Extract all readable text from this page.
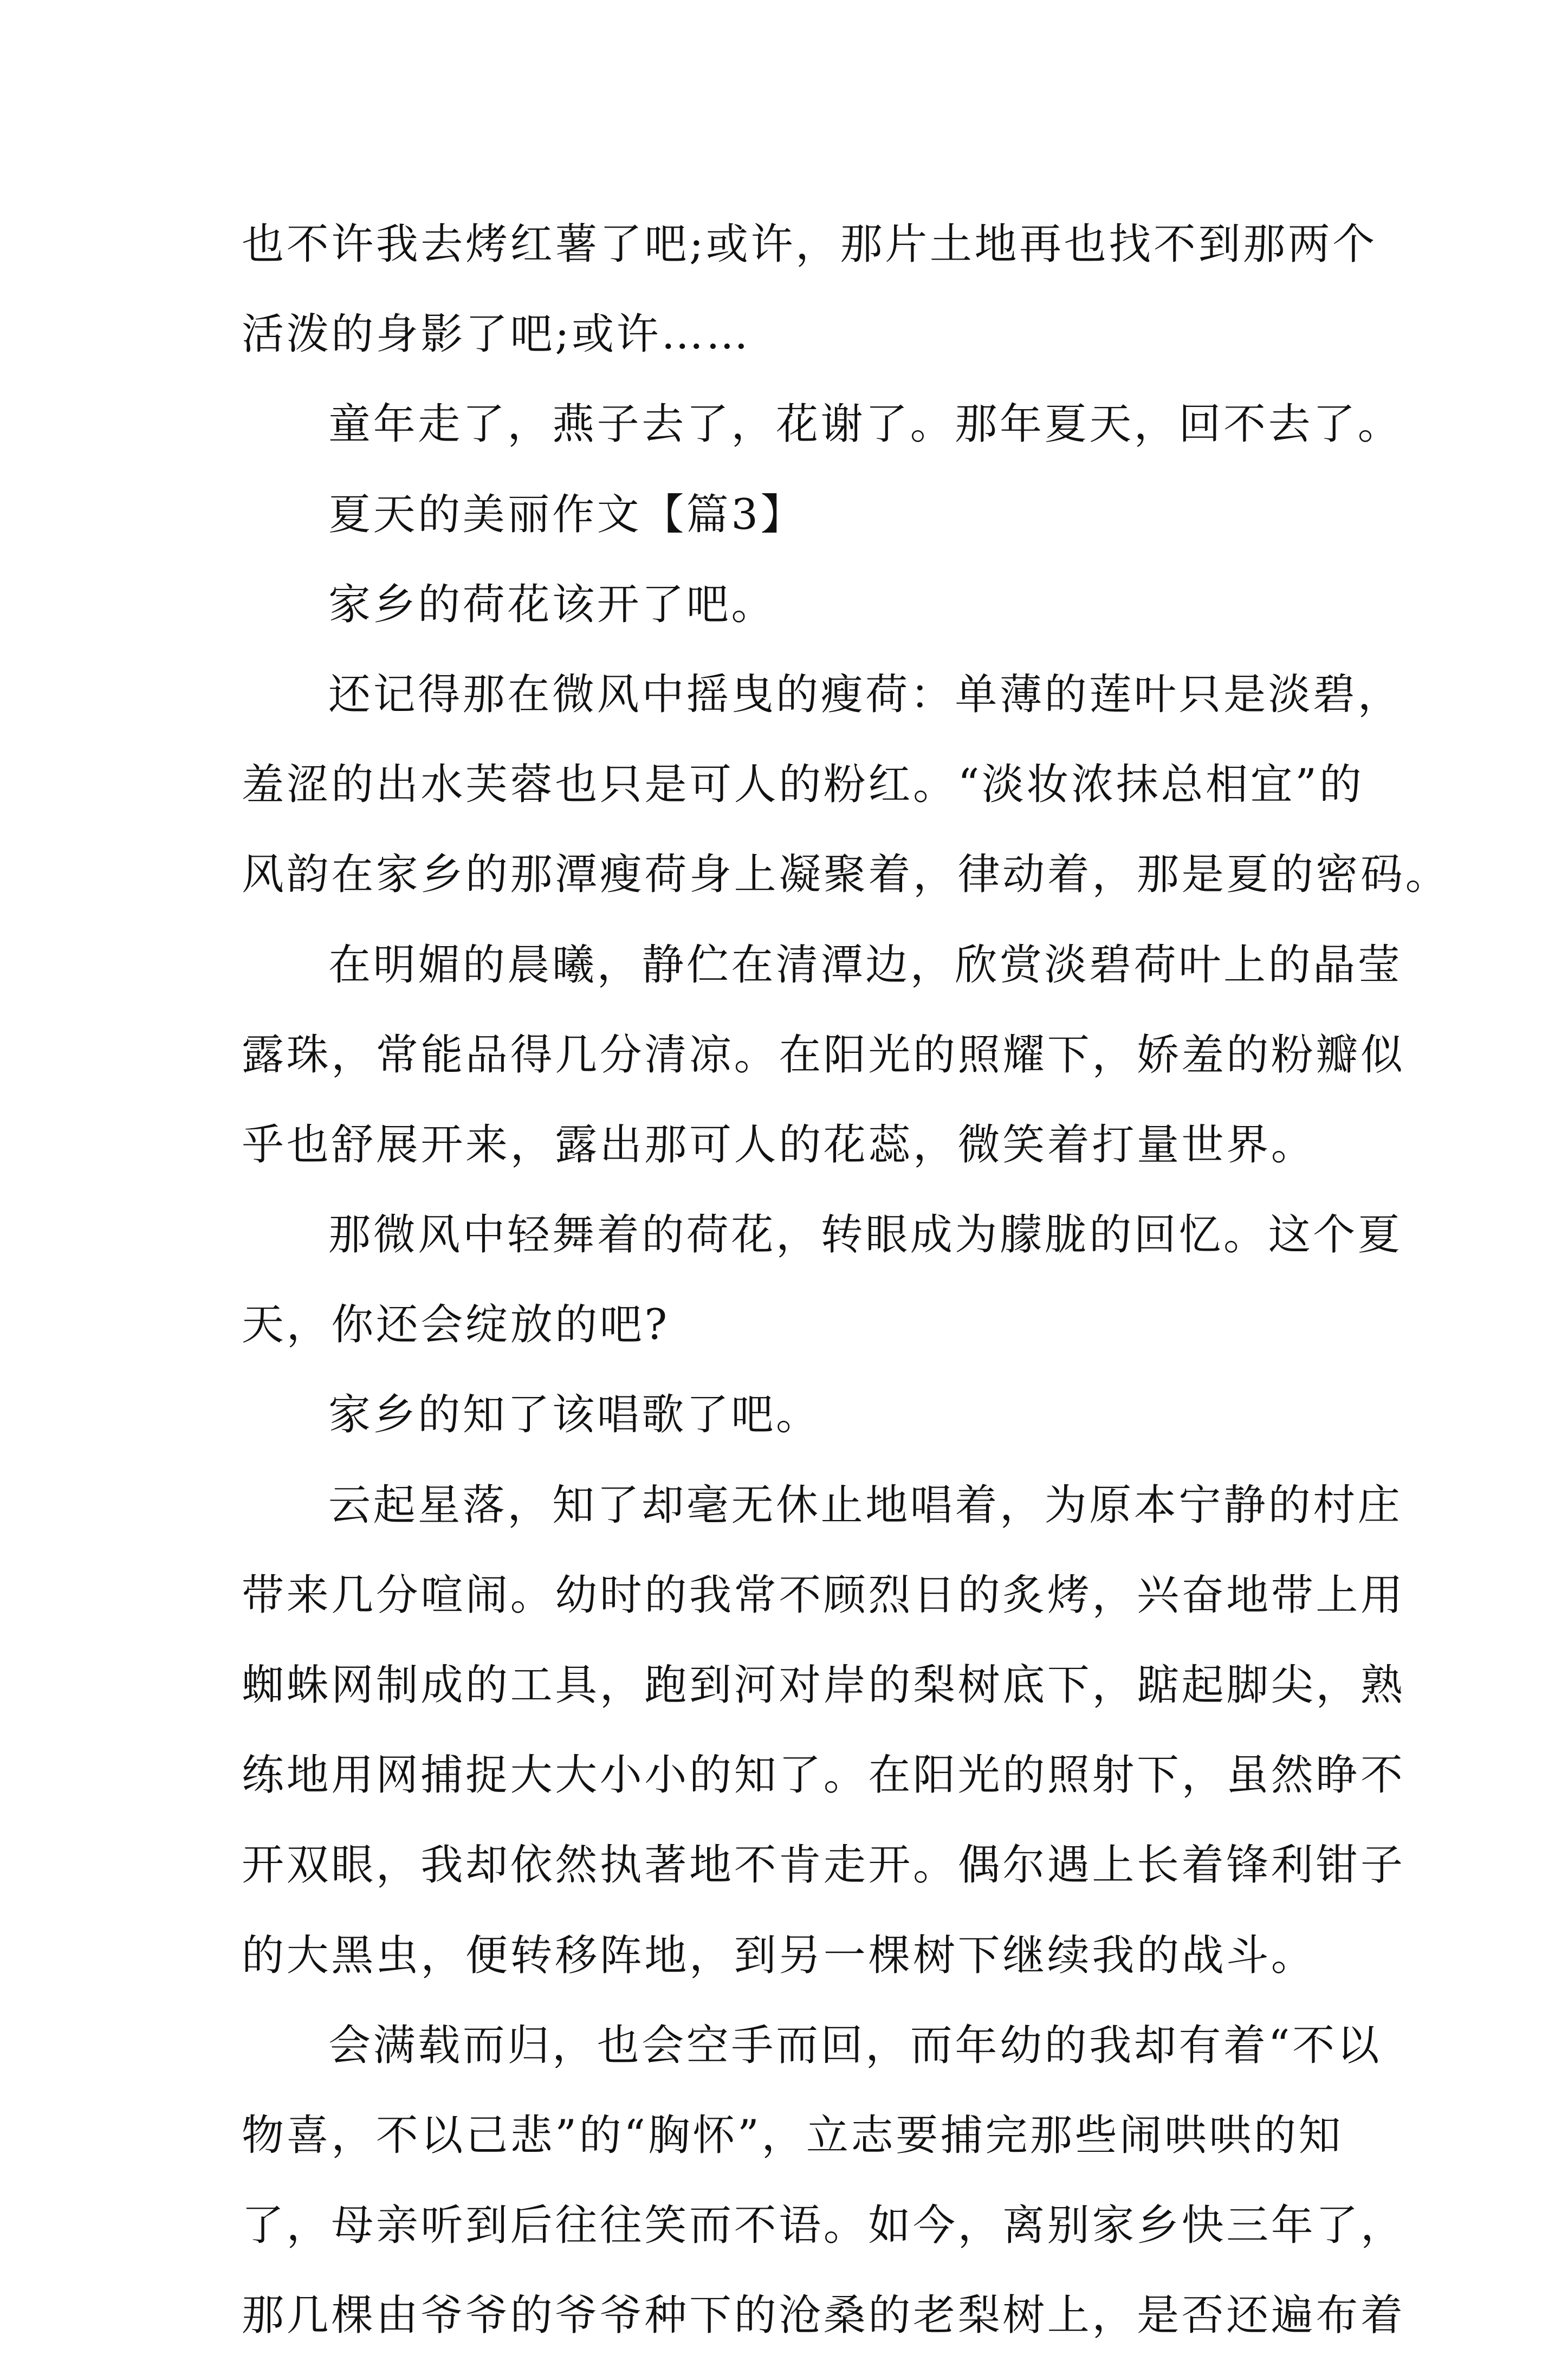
也不许我去烤红薯了吧;或许，那片土地再也找不到那两个
活泼的身影了吧;或许……
童年走了，燕子去了，花谢了。那年夏天，回不去了。
夏天的美丽作文【篇3】
家乡的荷花该开了吧。
还记得那在微风中摇曳的瘦荷：单薄的莲叶只是淡碧，
羞涩的出水芙蓉也只是可人的粉红。“淡妆浓抹总相宜”的
风韵在家乡的那潭瘦荷身上凝聚着，律动着，那是夏的密码。
在明媚的晨曦，静伫在清潭边，欣赏淡碧荷叶上的晶莹
露珠，常能品得几分清凉。在阳光的照耀下，娇羞的粉瓣似
乎也舒展开来，露出那可人的花蕊，微笑着打量世界。
那微风中轻舞着的荷花，转眼成为朦胧的回忆。这个夏
天，你还会绽放的吧?
家乡的知了该唱歌了吧。
云起星落，知了却毫无休止地唱着，为原本宁静的村庄
带来几分喧闹。幼时的我常不顾烈日的炙烤，兴奋地带上用
蜘蛛网制成的工具，跑到河对岸的梨树底下，踮起脚尖，熟
练地用网捕捉大大小小的知了。在阳光的照射下，虽然睁不
开双眼，我却依然执著地不肯走开。偶尔遇上长着锋利钳子
的大黑虫，便转移阵地，到另一棵树下继续我的战斗。
会满载而归，也会空手而回，而年幼的我却有着“不以
物喜，不以己悲”的“胸怀”，立志要捕完那些闹哄哄的知
了，母亲听到后往往笑而不语。如今，离别家乡快三年了，
那几棵由爷爷的爷爷种下的沧桑的老梨树上，是否还遍布着
